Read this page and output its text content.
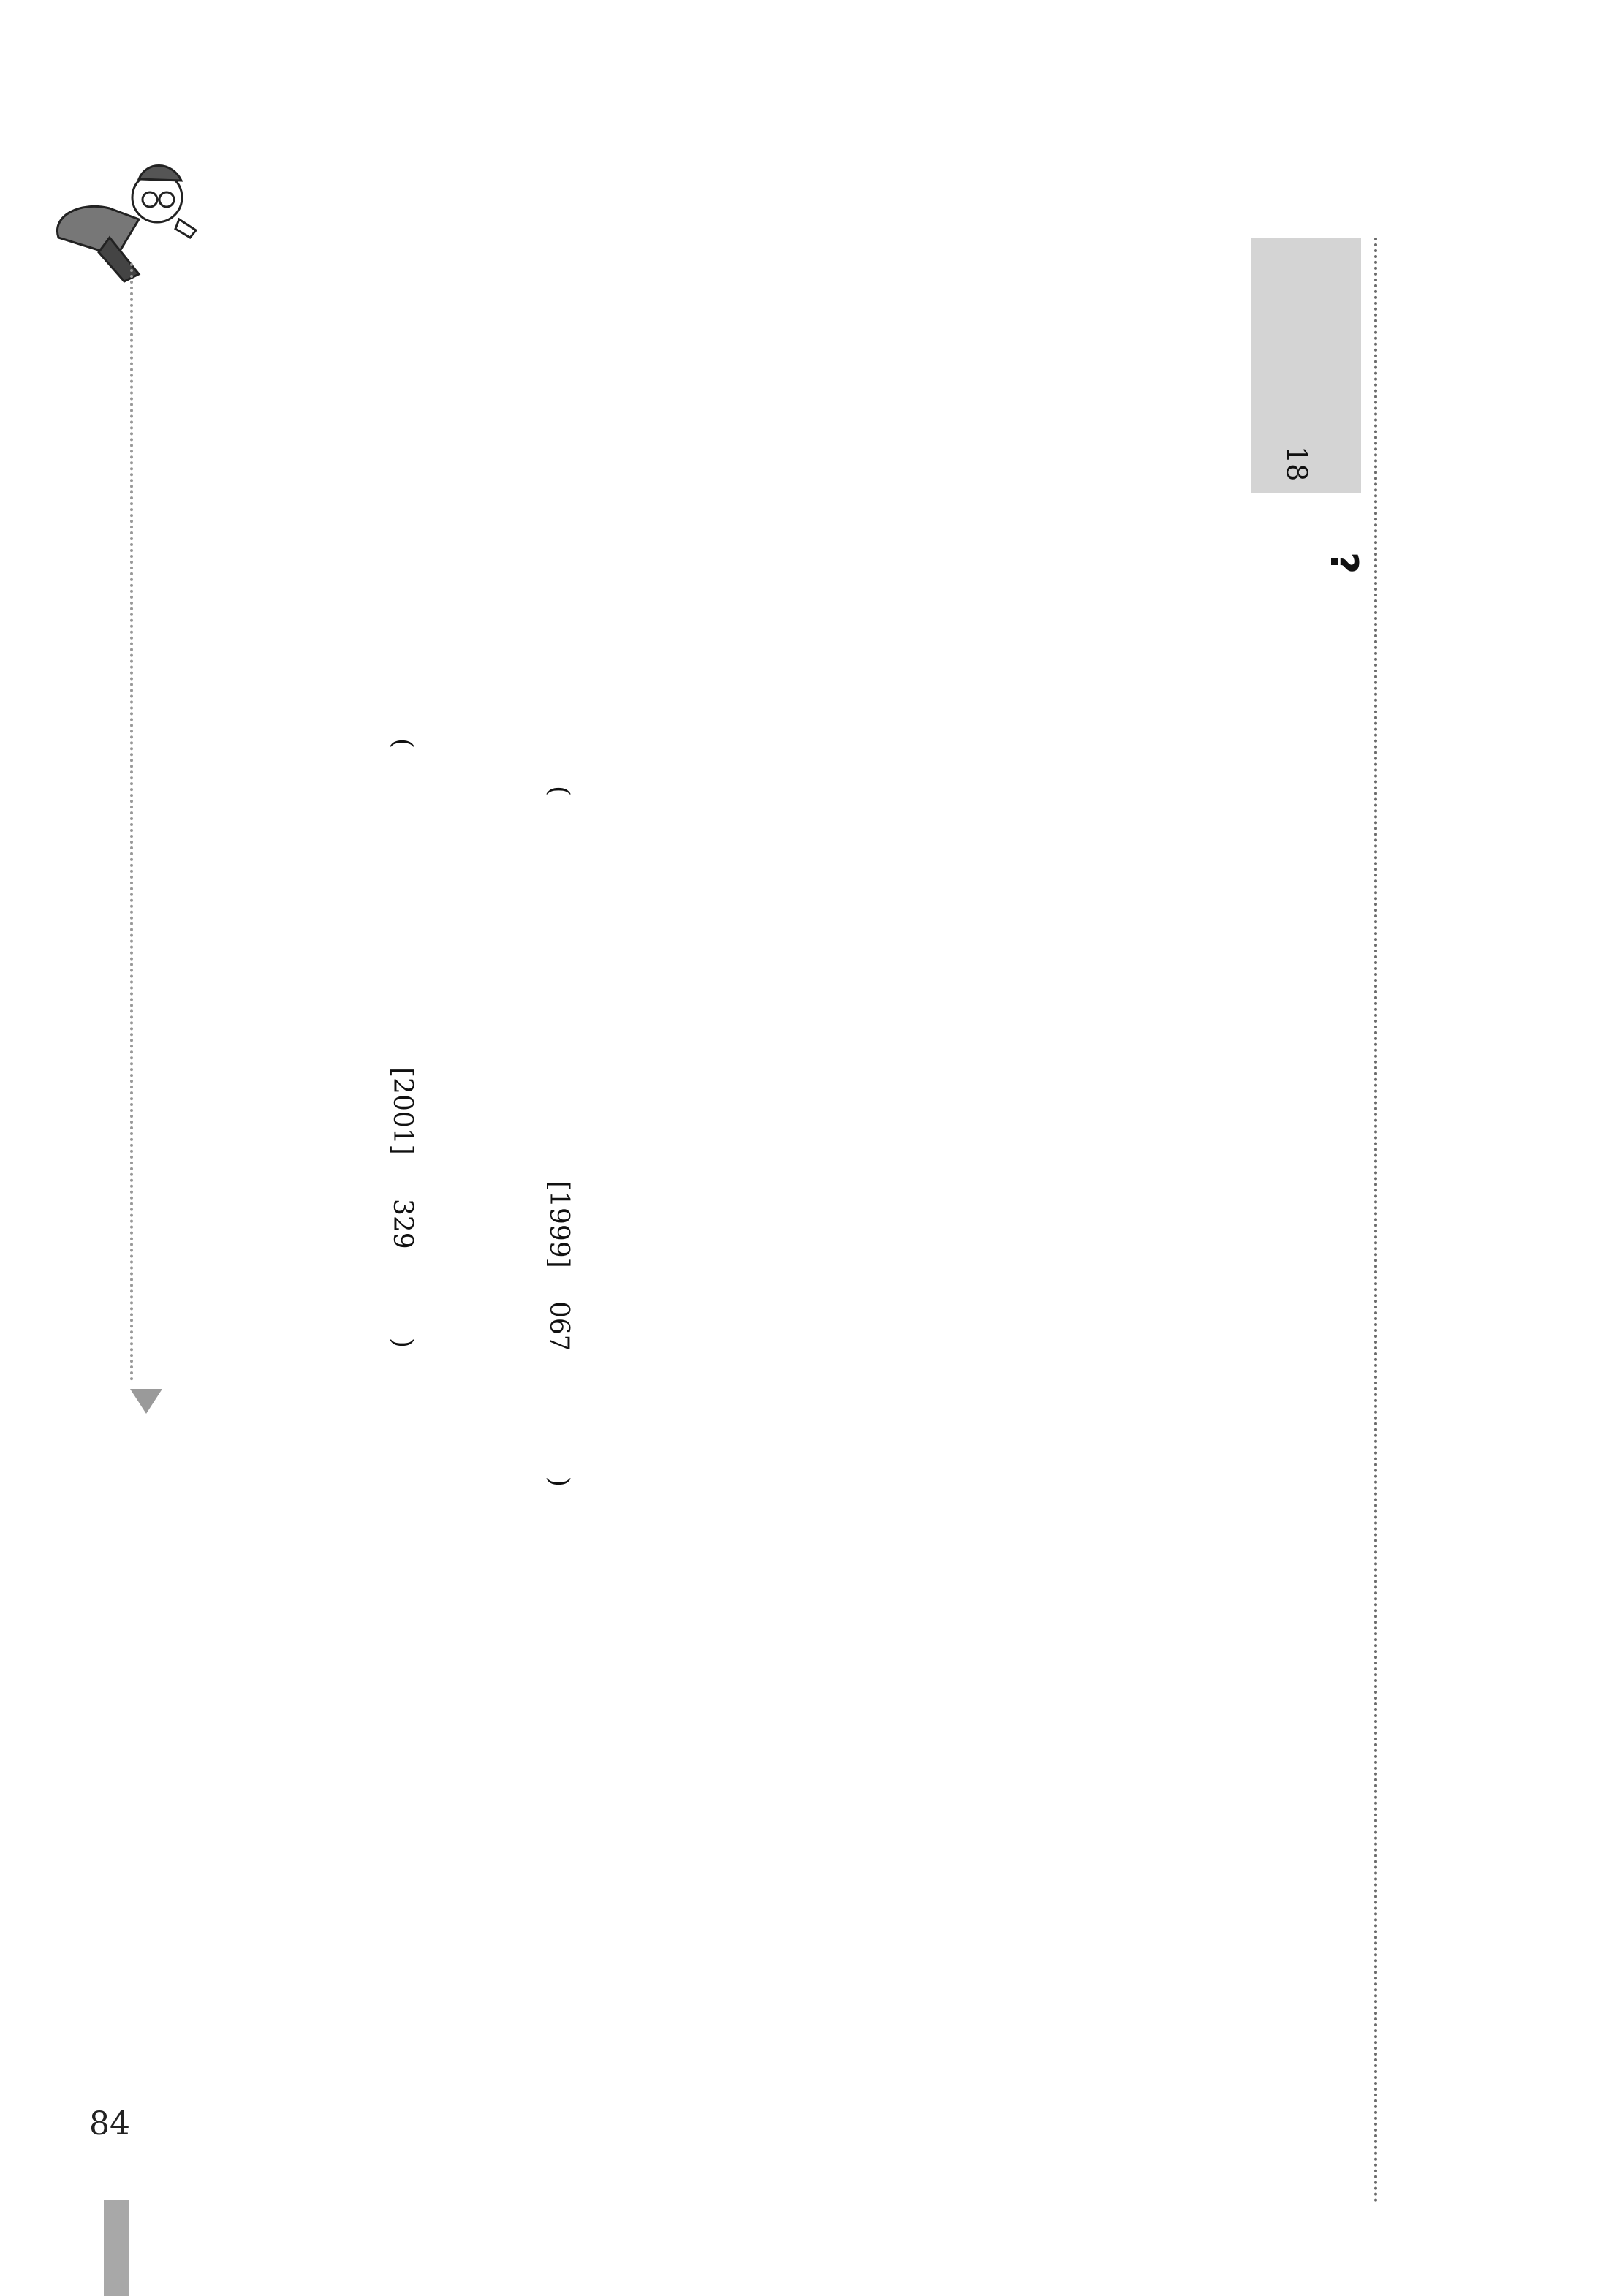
18
?
(
[1999]
067
)
(
[2001]
329
)
84
